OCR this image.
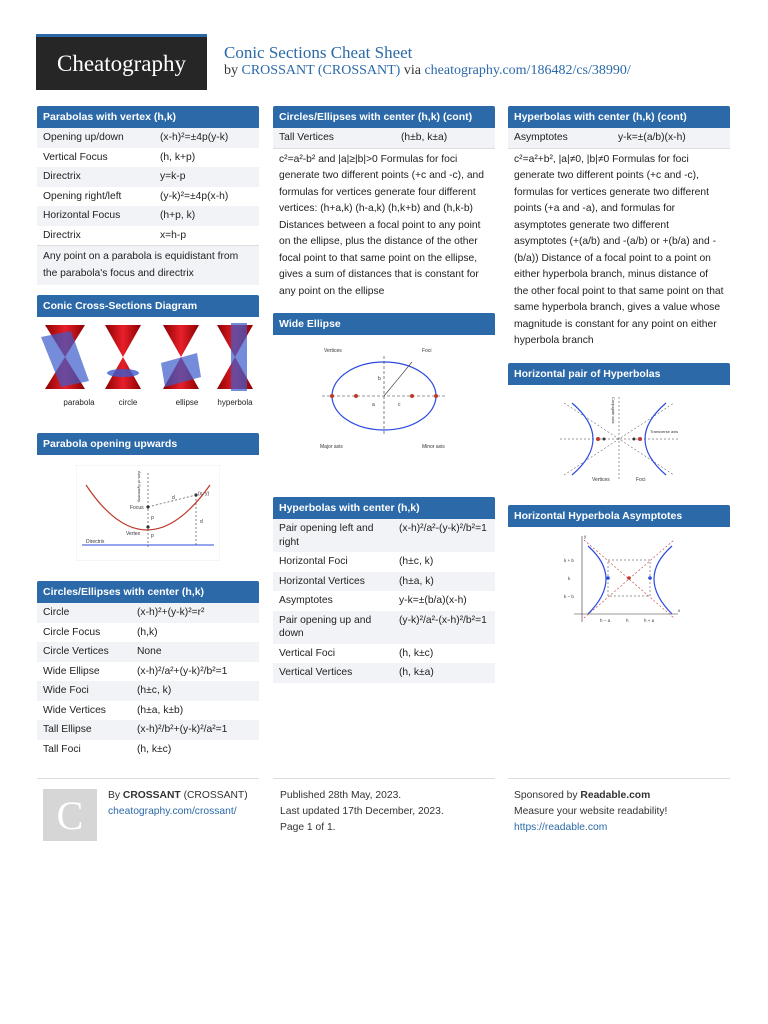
Cheatography Conic Sections Cheat Sheet
by CROSSANT (CROSSANT) via cheatography.com/186482/cs/38990/
Parabolas with vertex (h,k)
Opening up/down	(x-h)²=±4p(y-k)
Vertical Focus	(h, k+p)
Directrix	y=k-p
Opening right/left	(y-k)²=±4p(x-h)
Horizontal Focus	(h+p, k)
Directrix	x=h-p
Any point on a parabola is equidistant from the parabola's focus and directrix
Conic Cross-Sections Diagram
parabola	circle	ellipse hyperbola
Parabola opening upwards
Focus
Vertex
Directrix
(x, y)
d
d
p
p
Axis of Symmetry
Circles/Ellipses with center (h,k)
Circle	(x-h)²+(y-k)²=r²
Circle Focus	(h,k)
Circle Vertices	None
Wide Ellipse	(x-h)²/a²+(y-k)²/b²=1
Wide Foci	(h±c, k)
Wide Vertices	(h±a, k±b)
Tall Ellipse	(x-h)²/b²+(y-k)²/a²=1
Tall Foci	(h, k±c)
Circles/Ellipses with center (h,k) (cont)
Tall Vertices	(h±b, k±a)
c²=a²-b² and |a|≥|b|>0 Formulas for foci generate two different points (+c and -c), and formulas for vertices generate four different vertices: (h+a,k) (h-a,k) (h,k+b) and (h,k-b) Distances between a focal point to any point on the ellipse, plus the distance of the other focal point to that same point on the ellipse, gives a sum of distances that is constant for any point on the ellipse
Wide Ellipse
Vertices	Foci
Major axis	Minor axis
a
b
c
Hyperbolas with center (h,k)
Pair opening left and right	(x-h)²/a²-(y-k)²/b²=1
Horizontal Foci	(h±c, k)
Horizontal Vertices	(h±a, k)
Asymptotes	y-k=±(b/a)(x-h)
Pair opening up and down	(y-k)²/a²-(x-h)²/b²=1
Vertical Foci	(h, k±c)
Vertical Vertices	(h, k±a)
Hyperbolas with center (h,k) (cont)
Asymptotes	y-k=±(a/b)(x-h)
c²=a²+b², |a|≠0, |b|≠0 Formulas for foci generate two different points (+c and -c), formulas for vertices generate two different points (+a and -a), and formulas for asymptotes generate two different asymptotes (+(a/b) and -(a/b) or +(b/a) and -(b/a)) Distance of a focal point to a point on either hyperbola branch, minus distance of the other focal point to that same point on that same hyperbola branch, gives a value whose magnitude is constant for any point on either hyperbola branch
Horizontal pair of Hyperbolas
Conjugate axis
Transverse axis
Vertices	Foci
Horizontal Hyperbola Asymptotes
k + b
k
k − b
h − a	h	h + a
x
y
C By CROSSANT (CROSSANT)
cheatography.com/crossant/
Published 28th May, 2023.
Last updated 17th December, 2023.
Page 1 of 1.
Sponsored by Readable.com
Measure your website readability!
https://readable.com
